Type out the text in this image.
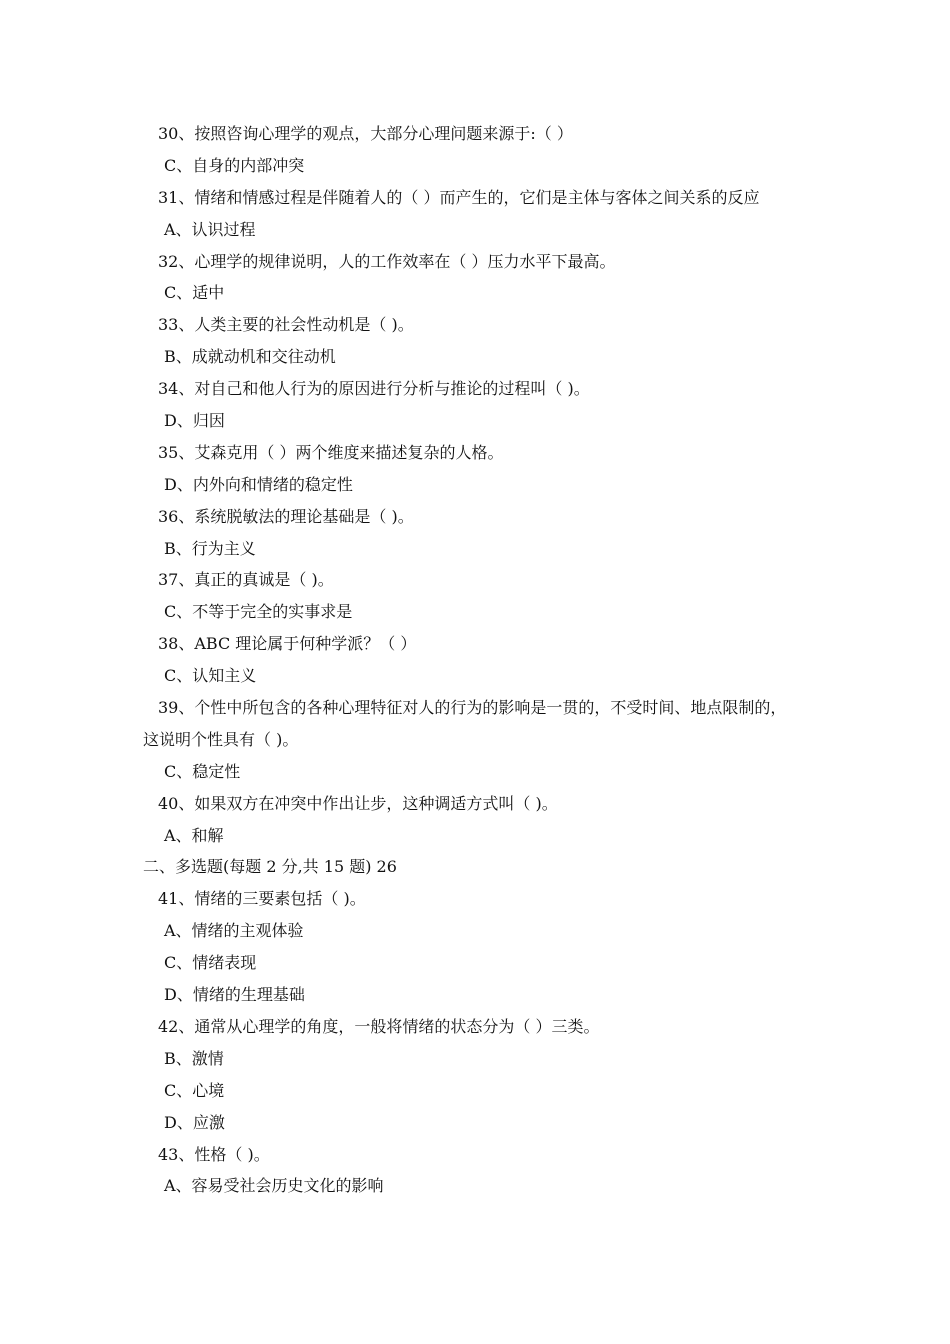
30、按照咨询心理学的观点，大部分心理问题来源于:（ ）
C、自身的内部冲突
31、情绪和情感过程是伴随着人的（ ）而产生的，它们是主体与客体之间关系的反应
A、认识过程
32、心理学的规律说明，人的工作效率在（ ）压力水平下最高。
C、适中
33、人类主要的社会性动机是（ )。
B、成就动机和交往动机
34、对自己和他人行为的原因进行分析与推论的过程叫（ )。
D、归因
35、艾森克用（ ）两个维度来描述复杂的人格。
D、内外向和情绪的稳定性
36、系统脱敏法的理论基础是（ )。
B、行为主义
37、真正的真诚是（ )。
C、不等于完全的实事求是
38、ABC 理论属于何种学派？（ ）
C、认知主义
39、个性中所包含的各种心理特征对人的行为的影响是一贯的，不受时间、地点限制的，
这说明个性具有（ )。
C、稳定性
40、如果双方在冲突中作出让步，这种调适方式叫（ )。
A、和解
二、多选题(每题 2 分,共 15 题) 26
41、情绪的三要素包括（ )。
A、情绪的主观体验
C、情绪表现
D、情绪的生理基础
42、通常从心理学的角度，一般将情绪的状态分为（ ）三类。
B、激情
C、心境
D、应激
43、性格（ )。
A、容易受社会历史文化的影响
